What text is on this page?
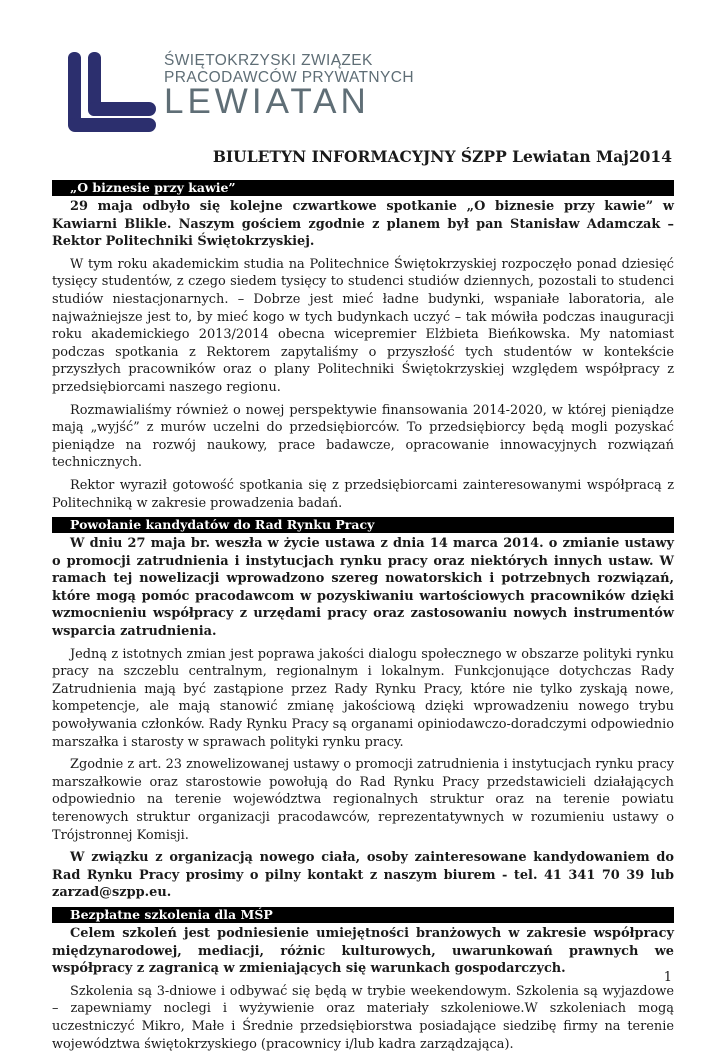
ŚWIĘTOKRZYSKI ZWIĄZEK
PRACODAWCÓW PRYWATNYCH
LEWIATAN
BIULETYN INFORMACYJNY ŚZPP Lewiatan Maj2014
„O biznesie przy kawie”

29 maja odbyło się kolejne czwartkowe spotkanie „O biznesie przy kawie” w Kawiarni Blikle. Naszym gościem zgodnie z planem był pan Stanisław Adamczak – Rektor Politechniki Świętokrzyskiej.

W tym roku akademickim studia na Politechnice Świętokrzyskiej rozpoczęło ponad dziesięć tysięcy studentów, z czego siedem tysięcy to studenci studiów dziennych, pozostali to studenci studiów niestacjonarnych. – Dobrze jest mieć ładne budynki, wspaniałe laboratoria, ale najważniejsze jest to, by mieć kogo w tych budynkach uczyć – tak mówiła podczas inauguracji roku akademickiego 2013/2014 obecna wicepremier Elżbieta Bieńkowska. My natomiast podczas spotkania z Rektorem zapytaliśmy o przyszłość tych studentów w kontekście przyszłych pracowników oraz o plany Politechniki Świętokrzyskiej względem współpracy z przedsiębiorcami naszego regionu.

Rozmawialiśmy również o nowej perspektywie finansowania 2014-2020, w której pieniądze mają „wyjść” z murów uczelni do przedsiębiorców. To przedsiębiorcy będą mogli pozyskać pieniądze na rozwój naukowy, prace badawcze, opracowanie innowacyjnych rozwiązań technicznych.

Rektor wyraził gotowość spotkania się z przedsiębiorcami zainteresowanymi współpracą z Politechniką w zakresie prowadzenia badań.

Powołanie kandydatów do Rad Rynku Pracy

W dniu 27 maja br. weszła w życie ustawa z dnia 14 marca 2014. o zmianie ustawy o promocji zatrudnienia i instytucjach rynku pracy oraz niektórych innych ustaw. W ramach tej nowelizacji wprowadzono szereg nowatorskich i potrzebnych rozwiązań, które mogą pomóc pracodawcom w pozyskiwaniu wartościowych pracowników dzięki wzmocnieniu współpracy z urzędami pracy oraz zastosowaniu nowych instrumentów wsparcia zatrudnienia.

Jedną z istotnych zmian jest poprawa jakości dialogu społecznego w obszarze polityki rynku pracy na szczeblu centralnym, regionalnym i lokalnym. Funkcjonujące dotychczas Rady Zatrudnienia mają być zastąpione przez Rady Rynku Pracy, które nie tylko zyskają nowe, kompetencje, ale mają stanowić zmianę jakościową dzięki wprowadzeniu nowego trybu powoływania członków. Rady Rynku Pracy są organami opiniodawczo-doradczymi odpowiednio marszałka i starosty w sprawach polityki rynku pracy.

Zgodnie z art. 23 znowelizowanej ustawy o promocji zatrudnienia i instytucjach rynku pracy marszałkowie oraz starostowie powołują do Rad Rynku Pracy przedstawicieli działających odpowiednio na terenie województwa regionalnych struktur oraz na terenie powiatu terenowych struktur organizacji pracodawców, reprezentatywnych w rozumieniu ustawy o Trójstronnej Komisji.

W związku z organizacją nowego ciała, osoby zainteresowane kandydowaniem do Rad Rynku Pracy prosimy o pilny kontakt z naszym biurem - tel. 41 341 70 39 lub zarzad@szpp.eu.

Bezpłatne szkolenia dla MŚP

Celem szkoleń jest podniesienie umiejętności branżowych w zakresie współpracy międzynarodowej, mediacji, różnic kulturowych, uwarunkowań prawnych we współpracy z zagranicą w zmieniających się warunkach gospodarczych.

Szkolenia są 3-dniowe i odbywać się będą w trybie weekendowym. Szkolenia są wyjazdowe – zapewniamy noclegi i wyżywienie oraz materiały szkoleniowe.W szkoleniach mogą uczestniczyć Mikro, Małe i Średnie przedsiębiorstwa posiadające siedzibę firmy na terenie województwa świętokrzyskiego (pracownicy i/lub kadra zarządzająca).

1
